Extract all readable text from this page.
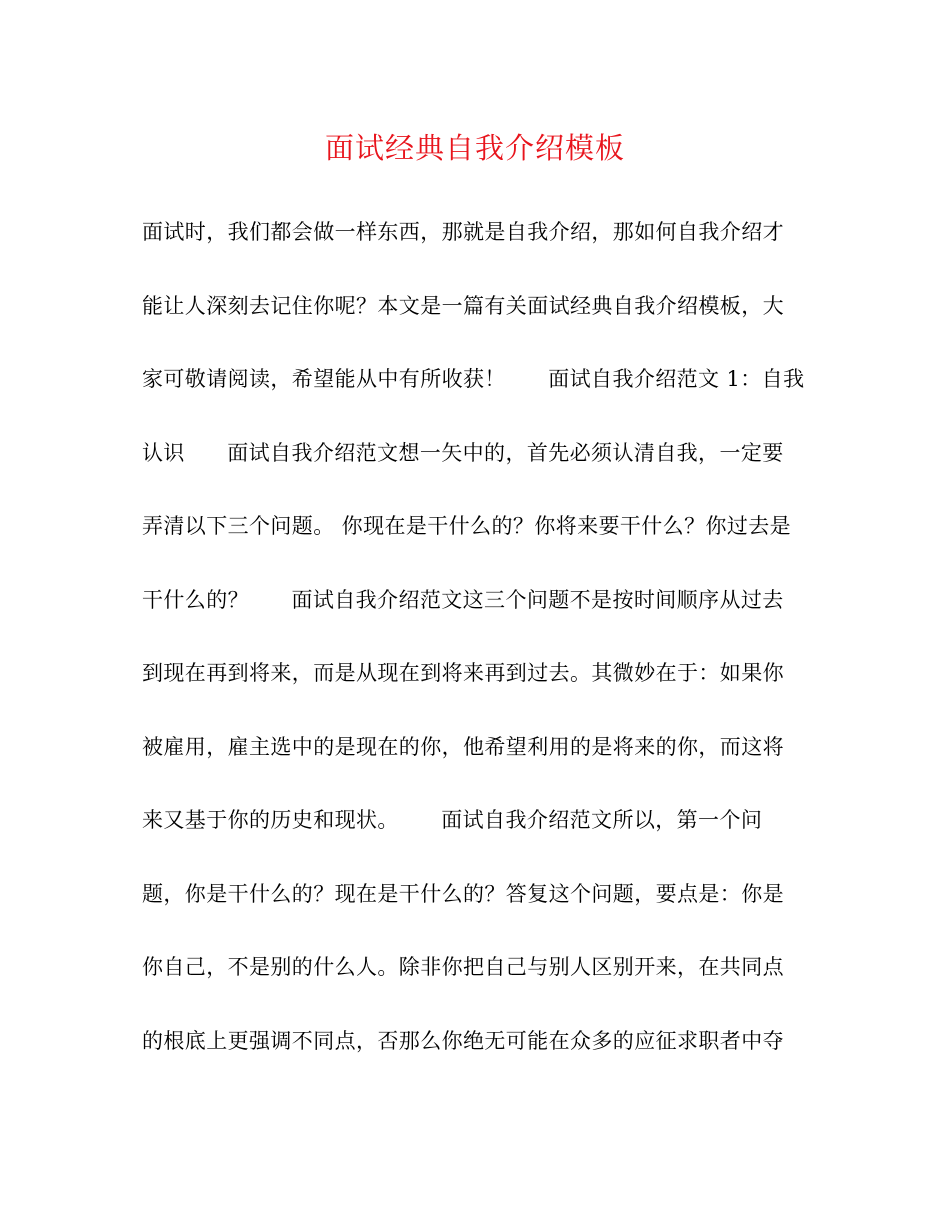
面试经典自我介绍模板
面试时，我们都会做一样东西，那就是自我介绍，那如何自我介绍才
能让人深刻去记住你呢？本文是一篇有关面试经典自我介绍模板，大
家可敬请阅读，希望能从中有所收获！      面试自我介绍范文 1：自我
认识      面试自我介绍范文想一矢中的，首先必须认清自我，一定要
弄清以下三个问题。 你现在是干什么的？你将来要干什么？你过去是
干什么的？      面试自我介绍范文这三个问题不是按时间顺序从过去
到现在再到将来，而是从现在到将来再到过去。其微妙在于：如果你
被雇用，雇主选中的是现在的你，他希望利用的是将来的你，而这将
来又基于你的历史和现状。      面试自我介绍范文所以，第一个问
题，你是干什么的？现在是干什么的？答复这个问题，要点是：你是
你自己，不是别的什么人。除非你把自己与别人区别开来，在共同点
的根底上更强调不同点，否那么你绝无可能在众多的应征求职者中夺
